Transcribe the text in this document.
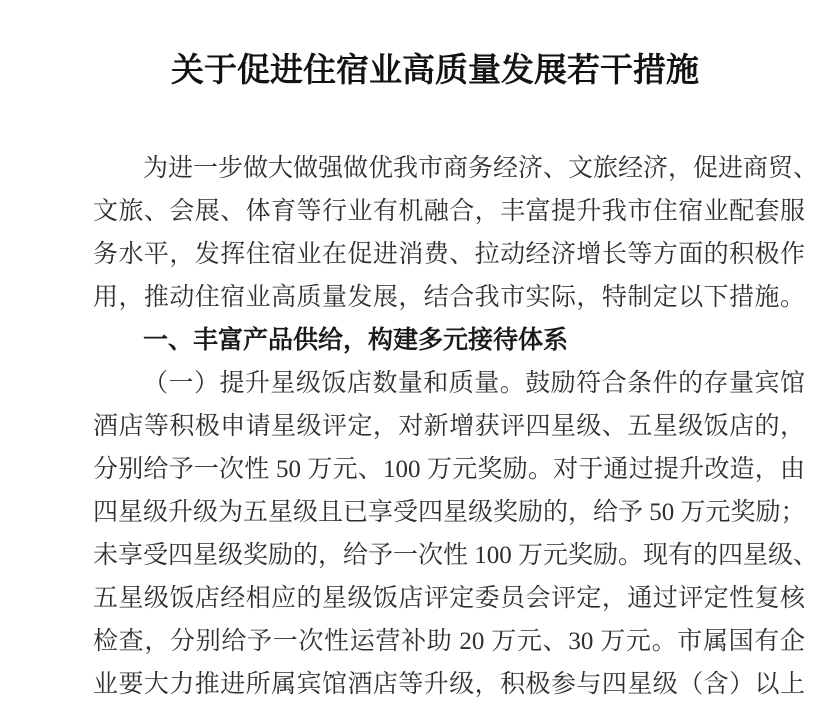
关于促进住宿业高质量发展若干措施
为进一步做大做强做优我市商务经济、文旅经济，促进商贸、
文旅、会展、体育等行业有机融合，丰富提升我市住宿业配套服
务水平，发挥住宿业在促进消费、拉动经济增长等方面的积极作
用，推动住宿业高质量发展，结合我市实际，特制定以下措施。
一、丰富产品供给，构建多元接待体系
（一）提升星级饭店数量和质量。鼓励符合条件的存量宾馆
酒店等积极申请星级评定，对新增获评四星级、五星级饭店的，
分别给予一次性 50 万元、100 万元奖励。对于通过提升改造，由
四星级升级为五星级且已享受四星级奖励的，给予 50 万元奖励；
未享受四星级奖励的，给予一次性 100 万元奖励。现有的四星级、
五星级饭店经相应的星级饭店评定委员会评定，通过评定性复核
检查，分别给予一次性运营补助 20 万元、30 万元。市属国有企
业要大力推进所属宾馆酒店等升级，积极参与四星级（含）以上
